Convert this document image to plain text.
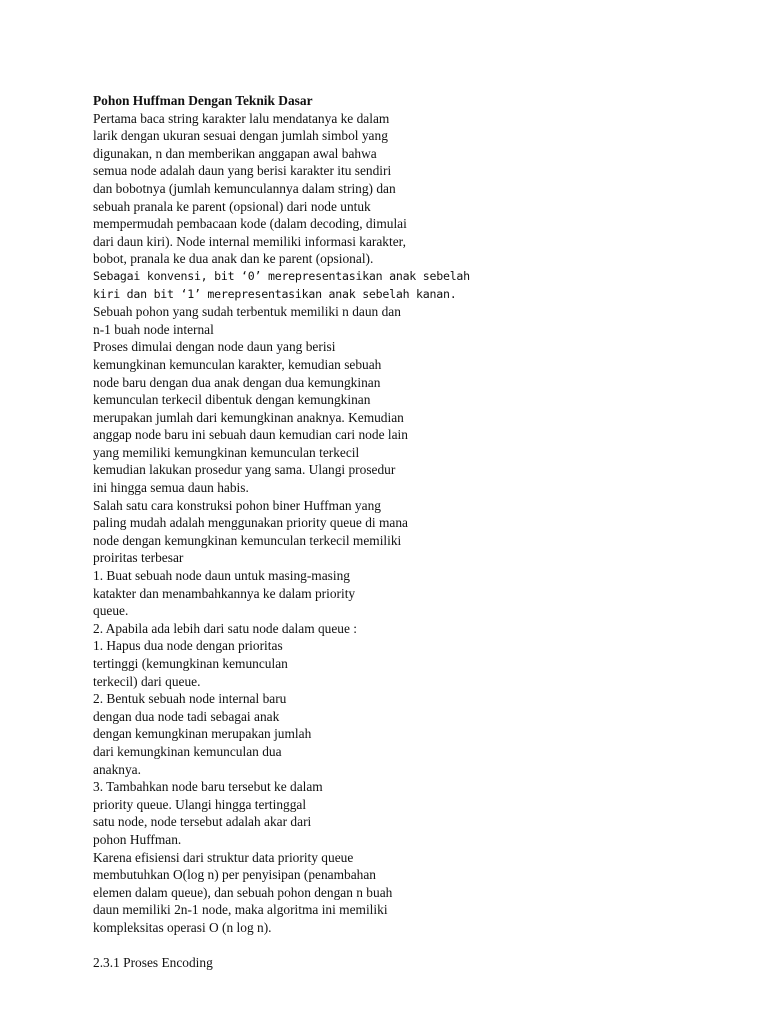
Pohon Huffman Dengan Teknik Dasar
Pertama baca string karakter lalu mendatanya ke dalam
larik dengan ukuran sesuai dengan jumlah simbol yang
digunakan, n dan memberikan anggapan awal bahwa
semua node adalah daun yang berisi karakter itu sendiri
dan bobotnya (jumlah kemunculannya dalam string) dan
sebuah pranala ke parent (opsional) dari node untuk
mempermudah pembacaan kode (dalam decoding, dimulai
dari daun kiri). Node internal memiliki informasi karakter,
bobot, pranala ke dua anak dan ke parent (opsional).
Sebagai konvensi, bit ‘0’ merepresentasikan anak sebelah
kiri dan bit ‘1’ merepresentasikan anak sebelah kanan.
Sebuah pohon yang sudah terbentuk memiliki n daun dan
n-1 buah node internal
Proses dimulai dengan node daun yang berisi
kemungkinan kemunculan karakter, kemudian sebuah
node baru dengan dua anak dengan dua kemungkinan
kemunculan terkecil dibentuk dengan kemungkinan
merupakan jumlah dari kemungkinan anaknya. Kemudian
anggap node baru ini sebuah daun kemudian cari node lain
yang memiliki kemungkinan kemunculan terkecil
kemudian lakukan prosedur yang sama. Ulangi prosedur
ini hingga semua daun habis.
Salah satu cara konstruksi pohon biner Huffman yang
paling mudah adalah menggunakan priority queue di mana
node dengan kemungkinan kemunculan terkecil memiliki
proiritas terbesar
1. Buat sebuah node daun untuk masing-masing
katakter dan menambahkannya ke dalam priority
queue.
2. Apabila ada lebih dari satu node dalam queue :
1. Hapus dua node dengan prioritas
tertinggi (kemungkinan kemunculan
terkecil) dari queue.
2. Bentuk sebuah node internal baru
dengan dua node tadi sebagai anak
dengan kemungkinan merupakan jumlah
dari kemungkinan kemunculan dua
anaknya.
3. Tambahkan node baru tersebut ke dalam
priority queue. Ulangi hingga tertinggal
satu node, node tersebut adalah akar dari
pohon Huffman.
Karena efisiensi dari struktur data priority queue
membutuhkan O(log n) per penyisipan (penambahan
elemen dalam queue), dan sebuah pohon dengan n buah
daun memiliki 2n-1 node, maka algoritma ini memiliki
kompleksitas operasi O (n log n).
2.3.1 Proses Encoding
